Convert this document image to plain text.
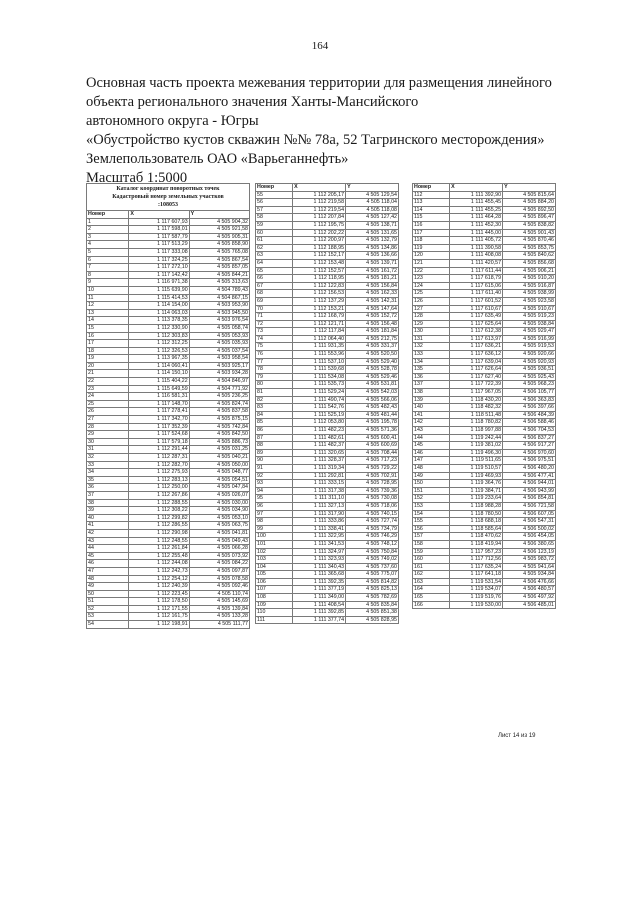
164
Основная часть проекта межевания территории для размещения линейного
объекта регионального значения Ханты-Мансийского
автономного округа - Югры
«Обустройство кустов скважин №№ 78а, 52 Тагринского месторождения»
Землепользователь ОАО «Варьеганнефть»
Масштаб 1:5000
Каталог координат поворотных точек
Кадастровый номер земельных участков
:108053
Номер	X	Y
1	1 117 607,93	4 505 904,32
2	1 117 598,01	4 505 921,58
3	1 117 587,79	4 505 905,31
4	1 117 513,29	4 505 858,90
5	1 117 333,08	4 505 765,08
6	1 117 324,25	4 505 867,54
7	1 117 272,10	4 505 857,05
8	1 117 142,42	4 505 844,21
9	1 116 971,38	4 505 313,63
10	1 115 639,90	4 504 789,43
11	1 115 414,53	4 504 867,15
12	1 114 154,00	4 503 953,90
13	1 114 063,03	4 503 945,50
14	1 113 378,35	4 503 976,54
15	1 112 330,90	4 505 058,74
16	1 112 303,83	4 505 053,93
17	1 112 312,25	4 505 035,93
18	1 112 326,53	4 505 037,54
19	1 113 967,35	4 503 958,54
20	1 114 060,41	4 503 925,17
21	1 114 150,10	4 503 934,28
22	1 115 404,22	4 504 846,97
23	1 115 649,59	4 504 771,92
24	1 116 581,31	4 505 236,25
25	1 117 148,70	4 505 824,74
26	1 117 278,41	4 505 837,58
27	1 117 342,70	4 505 875,15
28	1 117 352,39	4 505 742,84
29	1 117 524,68	4 505 842,50
30	1 117 579,18	4 505 886,73
31	1 112 291,44	4 505 031,25
32	1 112 287,31	4 505 040,21
33	1 112 282,70	4 505 050,00
34	1 112 275,93	4 505 048,77
35	1 112 283,13	4 505 054,51
36	1 112 250,00	4 505 047,84
37	1 112 267,86	4 505 026,07
38	1 112 288,55	4 505 030,00
39	1 112 308,22	4 505 034,90
40	1 112 299,82	4 505 053,10
41	1 112 286,55	4 505 063,75
42	1 112 290,98	4 505 041,81
43	1 112 248,55	4 505 049,43
44	1 112 261,84	4 505 066,28
45	1 112 255,48	4 505 073,92
46	1 112 244,08	4 505 084,22
47	1 112 242,73	4 505 097,87
48	1 112 254,12	4 505 078,58
49	1 112 240,39	4 505 092,46
50	1 112 223,45	4 505 110,74
51	1 112 178,50	4 505 145,69
52	1 112 171,55	4 505 139,84
53	1 112 161,75	4 505 133,28
54	1 112 198,91	4 505 111,77
Номер	X	Y
55	1 112 205,17	4 505 129,54
56	1 112 219,58	4 505 118,04
57	1 112 219,54	4 505 118,08
58	1 112 207,84	4 505 127,42
59	1 112 195,75	4 505 138,71
60	1 112 202,22	4 505 131,65
61	1 112 200,97	4 505 132,79
62	1 112 188,95	4 505 134,86
63	1 112 152,17	4 505 136,66
64	1 112 153,48	4 505 139,71
65	1 112 152,57	4 505 161,72
66	1 112 118,95	4 505 181,21
67	1 112 122,83	4 505 156,84
68	1 112 156,53	4 505 162,33
69	1 112 137,29	4 505 142,31
70	1 112 153,21	4 505 147,64
71	1 112 168,79	4 505 152,72
72	1 112 121,71	4 505 156,48
73	1 112 117,84	4 505 181,84
74	1 112 064,40	4 505 212,75
75	1 111 931,35	4 505 331,37
76	1 111 553,96	4 505 520,50
77	1 111 537,10	4 505 529,40
78	1 111 539,68	4 505 528,78
79	1 111 534,08	4 505 529,46
80	1 111 535,73	4 505 531,81
81	1 111 529,24	4 505 542,03
82	1 111 490,74	4 505 566,06
83	1 111 542,76	4 505 482,43
84	1 111 525,19	4 505 481,44
85	1 112 053,80	4 505 195,78
86	1 111 482,23	4 505 571,36
87	1 111 482,61	4 505 600,41
88	1 111 482,37	4 505 600,69
89	1 111 320,65	4 505 708,44
90	1 111 328,37	4 505 717,23
91	1 111 319,34	4 505 729,22
92	1 111 292,81	4 505 702,91
93	1 111 333,15	4 505 728,95
94	1 111 317,38	4 505 739,36
95	1 111 311,10	4 505 730,08
96	1 111 327,13	4 505 718,06
97	1 111 317,90	4 505 740,15
98	1 111 333,86	4 505 727,74
99	1 111 338,41	4 505 734,79
100	1 111 322,95	4 505 746,29
101	1 111 341,53	4 505 748,12
102	1 111 324,97	4 505 750,84
103	1 111 323,93	4 505 749,02
104	1 111 340,43	4 505 737,60
105	1 111 365,68	4 505 775,07
106	1 111 392,35	4 505 814,82
107	1 111 377,19	4 505 825,13
108	1 111 349,00	4 505 782,69
109	1 111 408,54	4 505 835,84
110	1 111 392,85	4 505 851,38
111	1 111 377,74	4 505 828,95
Номер	X	Y
112	1 111 392,90	4 505 815,64
113	1 111 455,45	4 505 884,20
114	1 111 455,25	4 505 892,50
115	1 111 464,28	4 505 896,47
116	1 111 452,30	4 505 838,82
117	1 111 445,00	4 505 901,43
118	1 111 405,72	4 505 870,46
119	1 111 390,58	4 505 853,75
120	1 111 408,08	4 505 840,62
121	1 111 420,57	4 505 856,68
122	1 117 611,44	4 505 906,21
123	1 117 618,79	4 505 910,20
124	1 117 615,06	4 505 916,87
125	1 117 611,40	4 505 938,99
126	1 117 601,52	4 505 923,58
127	1 117 610,67	4 505 910,67
128	1 117 635,49	4 505 919,23
129	1 117 625,64	4 505 938,84
130	1 117 612,38	4 505 929,47
131	1 117 613,97	4 505 916,99
132	1 117 636,21	4 505 919,53
133	1 117 636,12	4 505 920,66
134	1 117 639,04	4 505 920,93
135	1 117 626,64	4 505 936,51
136	1 117 627,40	4 505 925,43
137	1 117 722,39	4 505 968,23
138	1 117 967,05	4 506 105,77
139	1 118 430,20	4 506 363,83
140	1 118 482,32	4 506 397,66
141	1 118 511,48	4 506 484,39
142	1 118 780,82	4 506 588,46
143	1 118 997,88	4 506 704,53
144	1 119 242,44	4 506 837,27
145	1 119 381,02	4 506 917,27
146	1 119 496,30	4 506 970,60
147	1 119 511,65	4 506 975,51
148	1 119 510,57	4 506 480,20
149	1 119 469,93	4 506 477,41
150	1 119 364,76	4 506 944,01
151	1 119 384,71	4 506 943,99
152	1 119 233,64	4 506 854,81
153	1 118 988,28	4 506 721,58
154	1 118 780,50	4 506 607,05
155	1 118 688,18	4 506 547,31
156	1 118 585,64	4 506 500,02
157	1 118 470,62	4 506 454,05
158	1 118 419,94	4 506 380,65
159	1 117 957,23	4 506 123,19
160	1 117 712,56	4 505 983,72
161	1 117 635,24	4 505 941,64
162	1 117 641,18	4 505 934,84
163	1 119 531,54	4 506 476,66
164	1 119 534,07	4 506 480,57
165	1 119 519,76	4 506 497,92
166	1 119 530,00	4 506 485,01
Лист 14 из 19
